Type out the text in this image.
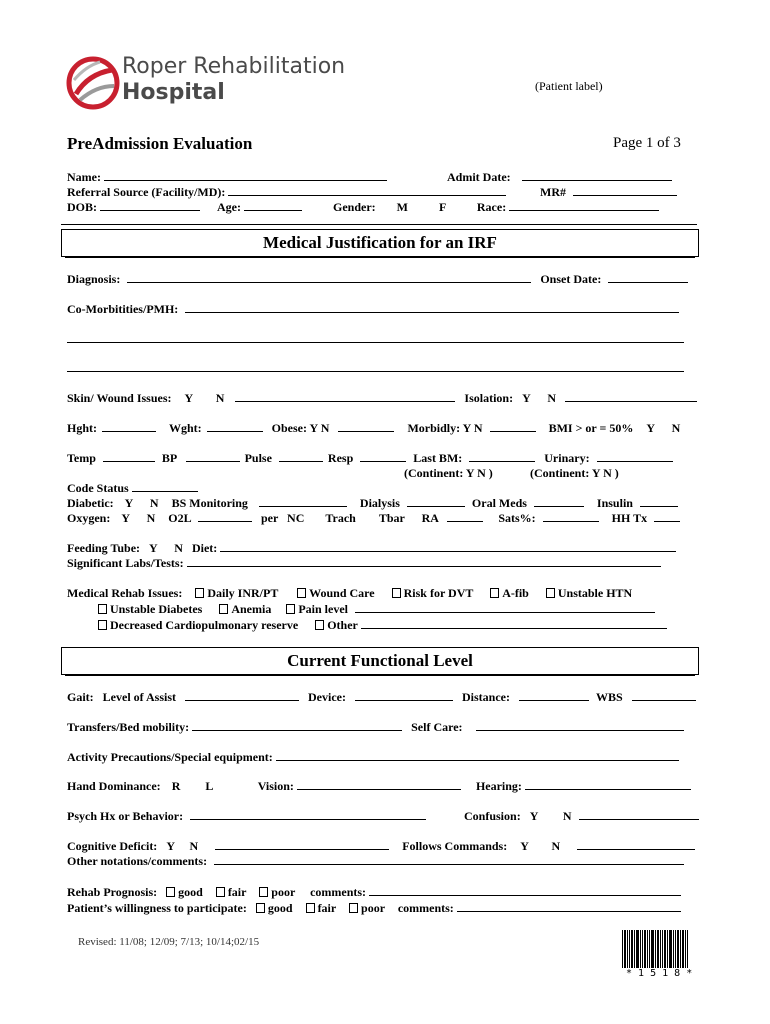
Roper Rehabilitation
Hospital	(Patient label)
PreAdmission Evaluation	Page 1 of 3
Name:	Admit Date:
Referral Source (Facility/MD):	MR#
DOB:	Age:	Gender: M	F	Race:
Medical Justification for an IRF
Diagnosis:	Onset Date:
Co-Morbitities/PMH:
Skin/ Wound Issues: Y N	Isolation: Y N
Hght:	Wght:	Obese: Y N	Morbidly: Y N	BMI > or = 50% Y N
Temp	BP	Pulse	Resp	Last BM:	Urinary:
(Continent: Y N )	(Continent: Y N )
Code Status
Diabetic: Y N BS Monitoring	Dialysis	Oral Meds	Insulin
Oxygen: Y N O2L	per NC Trach Tbar RA	Sats%:	HH Tx
Feeding Tube: Y N Diet:
Significant Labs/Tests:
Medical Rehab Issues: Daily INR/PT	Wound Care Risk for DVT A-fib Unstable HTN
Unstable Diabetes Anemia Pain level
Decreased Cardiopulmonary reserve Other
Current Functional Level
Gait: Level of Assist	Device:	Distance:	WBS
Transfers/Bed mobility:	Self Care:
Activity Precautions/Special equipment:
Hand Dominance: R L	Vision:	Hearing:
Psych Hx or Behavior:	Confusion: Y N
Cognitive Deficit: Y N	Follows Commands: Y N
Other notations/comments:
Rehab Prognosis: good fair poor comments:
Patient’s willingness to participate: good fair poor comments:
Revised: 11/08; 12/09; 7/13; 10/14;02/15
* 1 5 1 8 *
